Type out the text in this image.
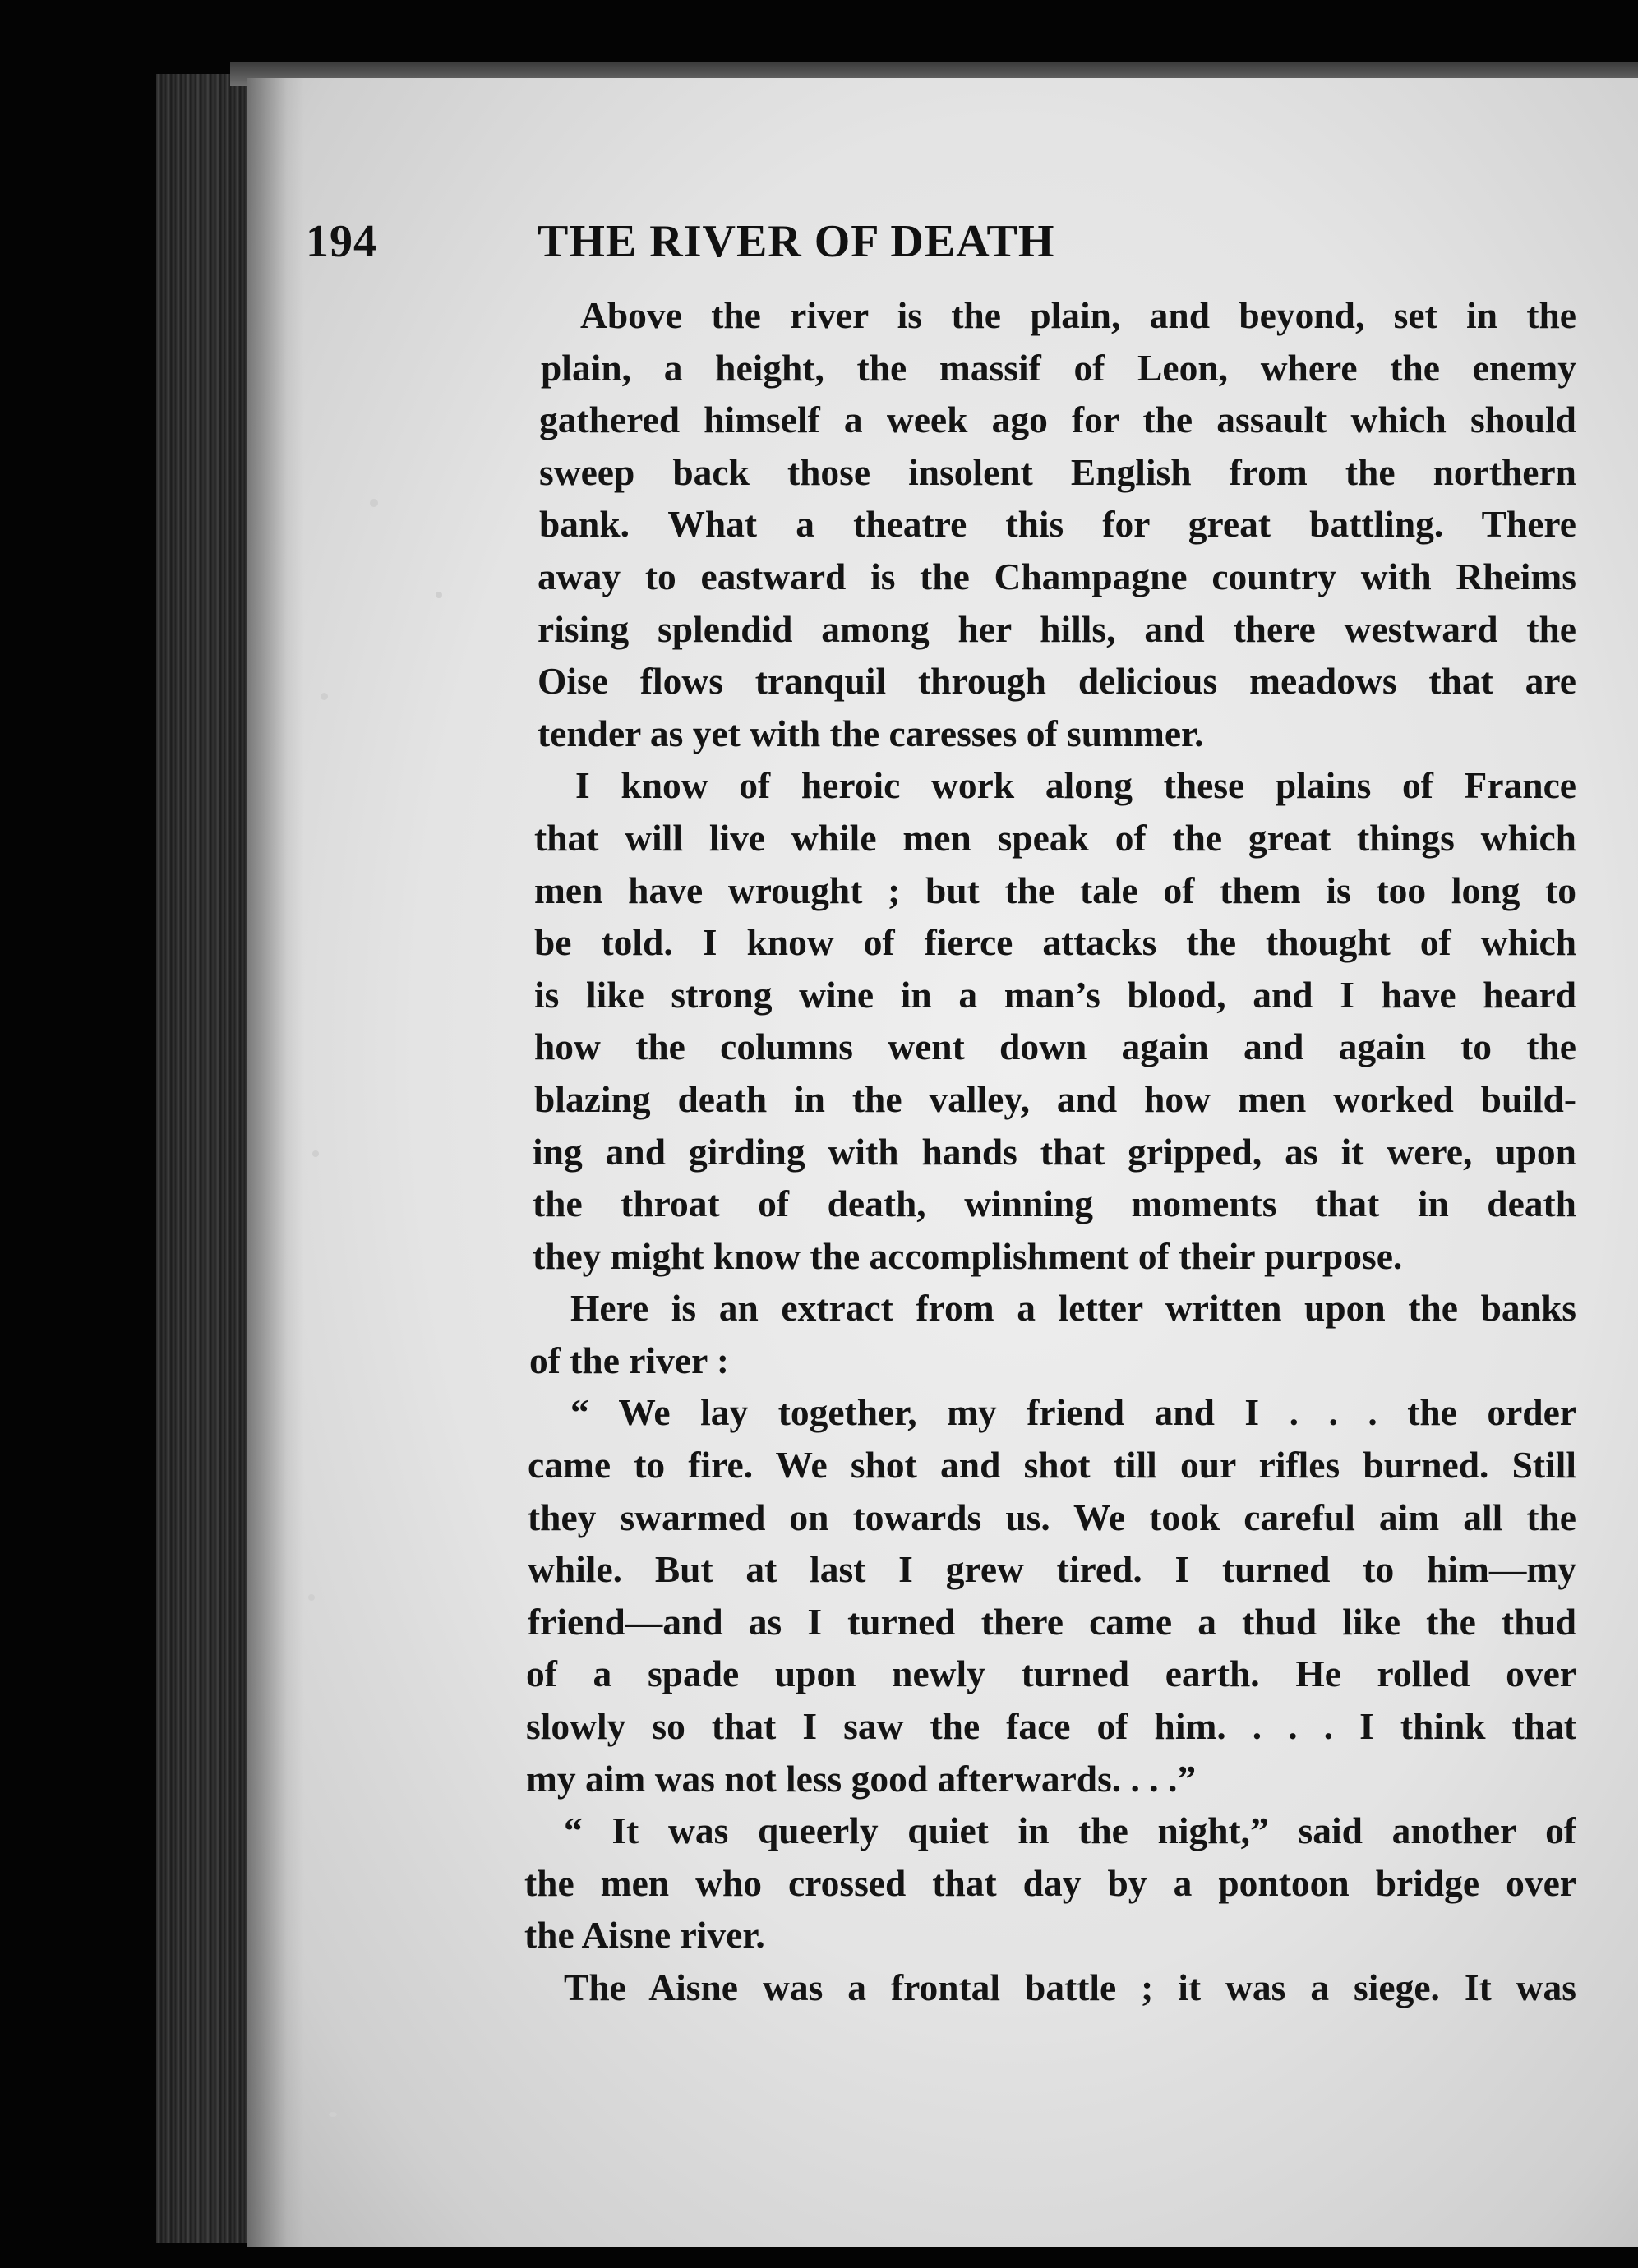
194	THE RIVER OF DEATH
Above the river is the plain, and beyond, set in the
plain, a height, the massif of Leon, where the enemy
gathered himself a week ago for the assault which should
sweep back those insolent English from the northern
bank. What a theatre this for great battling. There
away to eastward is the Champagne country with Rheims
rising splendid among her hills, and there westward the
Oise flows tranquil through delicious meadows that are
tender as yet with the caresses of summer.
I know of heroic work along these plains of France
that will live while men speak of the great things which
men have wrought ; but the tale of them is too long to
be told. I know of fierce attacks the thought of which
is like strong wine in a man’s blood, and I have heard
how the columns went down again and again to the
blazing death in the valley, and how men worked build-
ing and girding with hands that gripped, as it were, upon
the throat of death, winning moments that in death
they might know the accomplishment of their purpose.
Here is an extract from a letter written upon the banks
of the river :
“ We lay together, my friend and I . . . the order
came to fire. We shot and shot till our rifles burned. Still
they swarmed on towards us. We took careful aim all the
while. But at last I grew tired. I turned to him—my
friend—and as I turned there came a thud like the thud
of a spade upon newly turned earth. He rolled over
slowly so that I saw the face of him. . . . I think that
my aim was not less good afterwards. . . .”
“ It was queerly quiet in the night,” said another of
the men who crossed that day by a pontoon bridge over
the Aisne river.
The Aisne was a frontal battle ; it was a siege. It was
